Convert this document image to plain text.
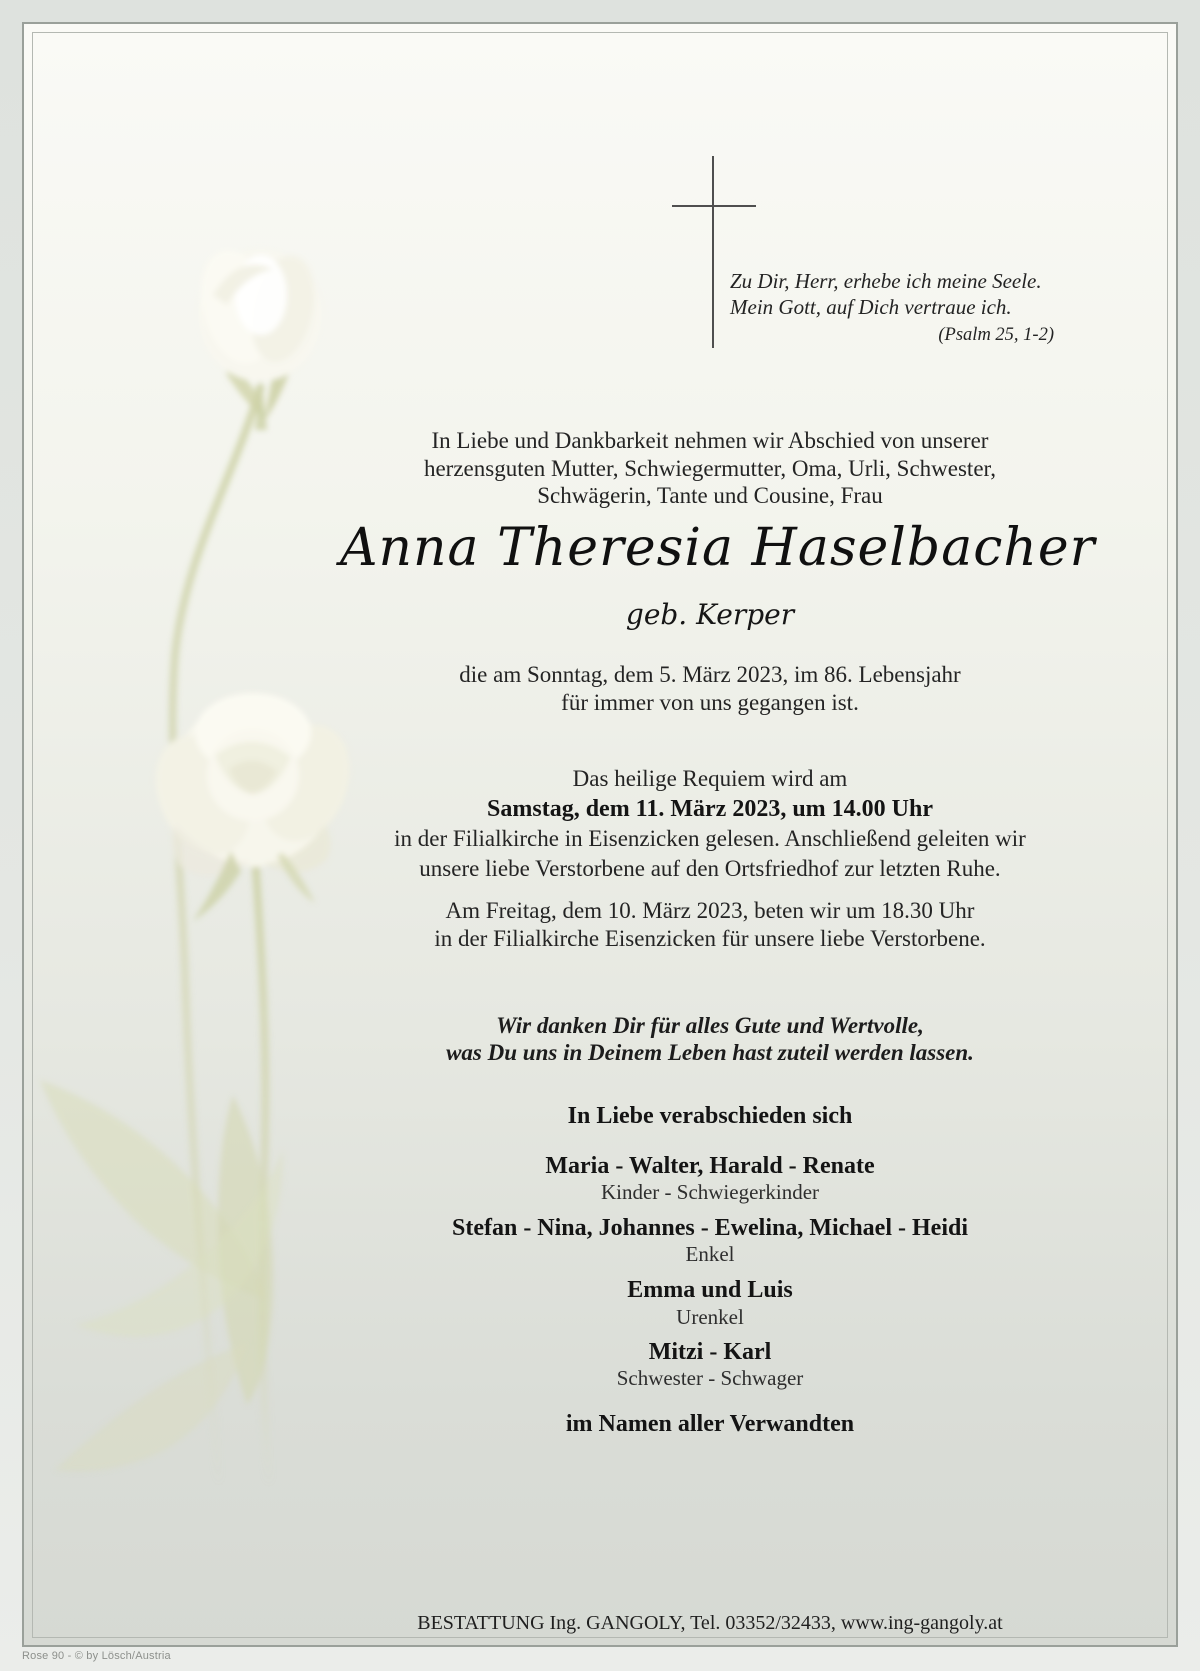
Zu Dir, Herr, erhebe ich meine Seele.
Mein Gott, auf Dich vertraue ich.
(Psalm 25, 1-2)
In Liebe und Dankbarkeit nehmen wir Abschied von unserer
herzensguten Mutter, Schwiegermutter, Oma, Urli, Schwester,
Schwägerin, Tante und Cousine, Frau
Anna Theresia Haselbacher
geb. Kerper
die am Sonntag, dem 5. März 2023, im 86. Lebensjahr
für immer von uns gegangen ist.
Das heilige Requiem wird am
Samstag, dem 11. März 2023, um 14.00 Uhr
in der Filialkirche in Eisenzicken gelesen. Anschließend geleiten wir
unsere liebe Verstorbene auf den Ortsfriedhof zur letzten Ruhe.
Am Freitag, dem 10. März 2023, beten wir um 18.30 Uhr
in der Filialkirche Eisenzicken für unsere liebe Verstorbene.
Wir danken Dir für alles Gute und Wertvolle,
was Du uns in Deinem Leben hast zuteil werden lassen.
In Liebe verabschieden sich
Maria - Walter, Harald - Renate
Kinder - Schwiegerkinder
Stefan - Nina, Johannes - Ewelina, Michael - Heidi
Enkel
Emma und Luis
Urenkel
Mitzi - Karl
Schwester - Schwager
im Namen aller Verwandten
BESTATTUNG Ing. GANGOLY, Tel. 03352/32433, www.ing-gangoly.at
Rose 90 - © by Lösch/Austria
